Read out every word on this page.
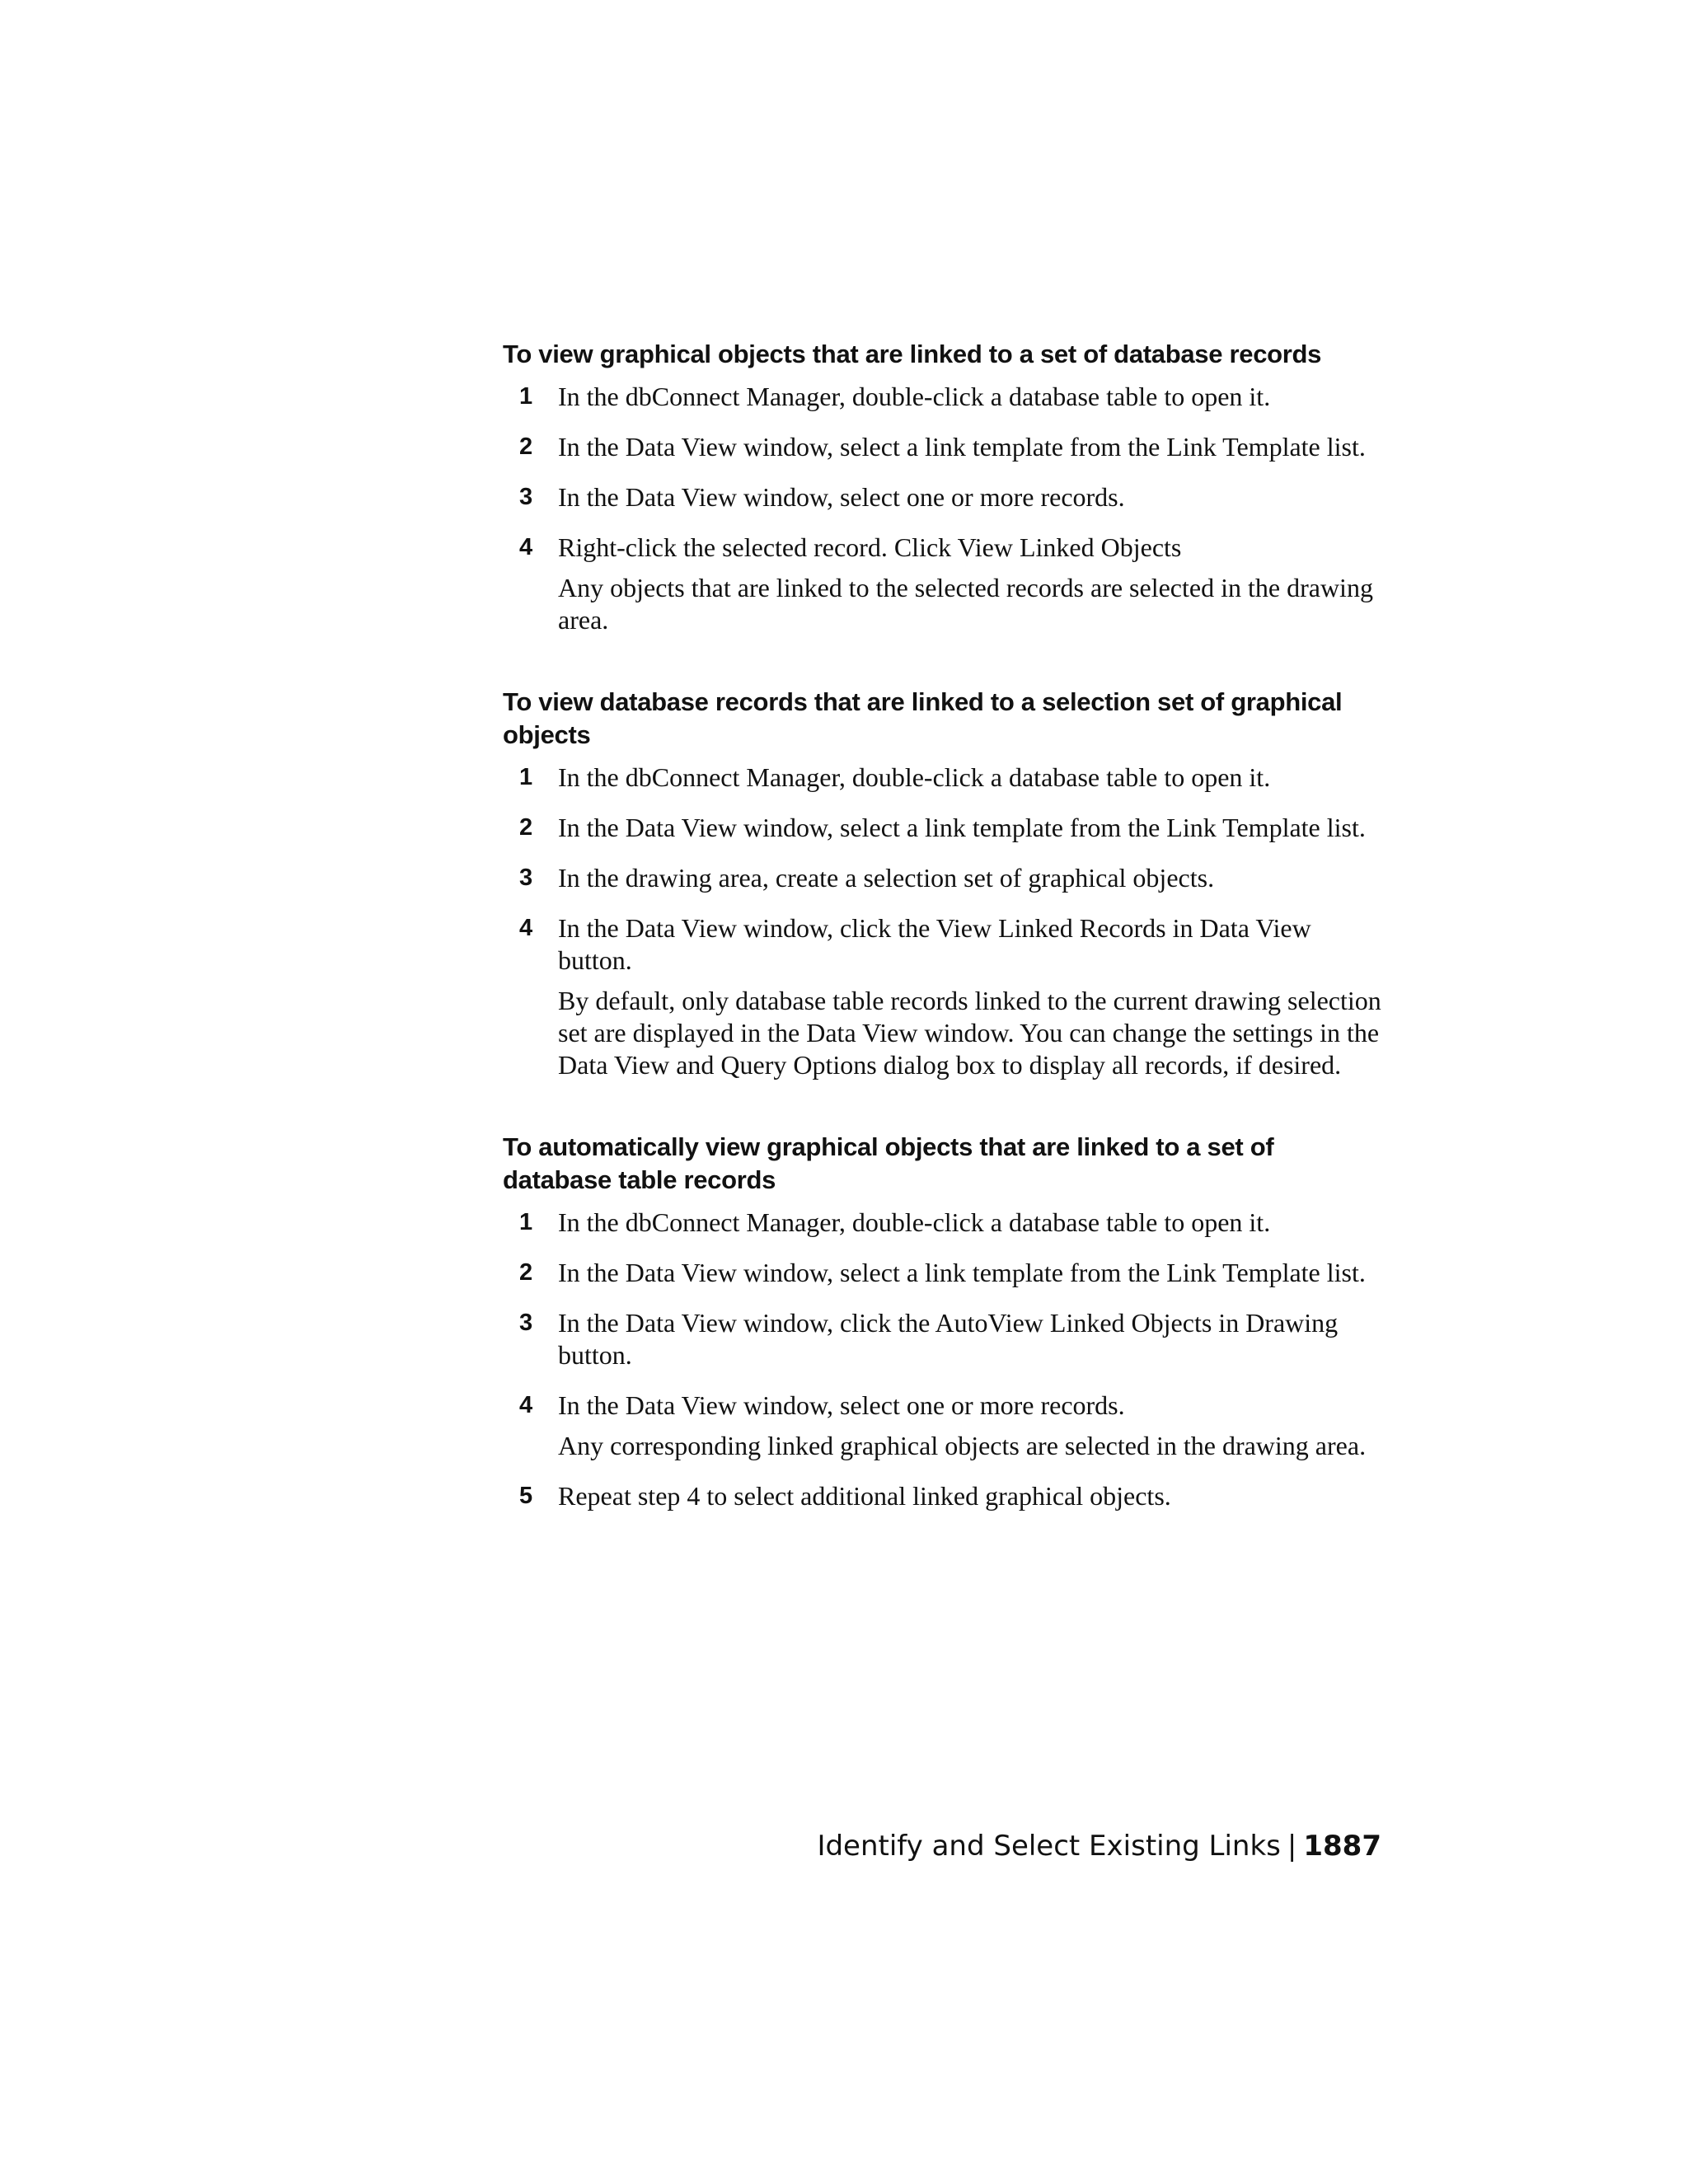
To view graphical objects that are linked to a set of database records
1 In the dbConnect Manager, double-click a database table to open it.
2 In the Data View window, select a link template from the Link Template list.
3 In the Data View window, select one or more records.
4 Right-click the selected record. Click View Linked Objects
Any objects that are linked to the selected records are selected in the drawing area.
To view database records that are linked to a selection set of graphical objects
1 In the dbConnect Manager, double-click a database table to open it.
2 In the Data View window, select a link template from the Link Template list.
3 In the drawing area, create a selection set of graphical objects.
4 In the Data View window, click the View Linked Records in Data View button.
By default, only database table records linked to the current drawing selection set are displayed in the Data View window. You can change the settings in the Data View and Query Options dialog box to display all records, if desired.
To automatically view graphical objects that are linked to a set of database table records
1 In the dbConnect Manager, double-click a database table to open it.
2 In the Data View window, select a link template from the Link Template list.
3 In the Data View window, click the AutoView Linked Objects in Drawing button.
4 In the Data View window, select one or more records.
Any corresponding linked graphical objects are selected in the drawing area.
5 Repeat step 4 to select additional linked graphical objects.
Identify and Select Existing Links | 1887
